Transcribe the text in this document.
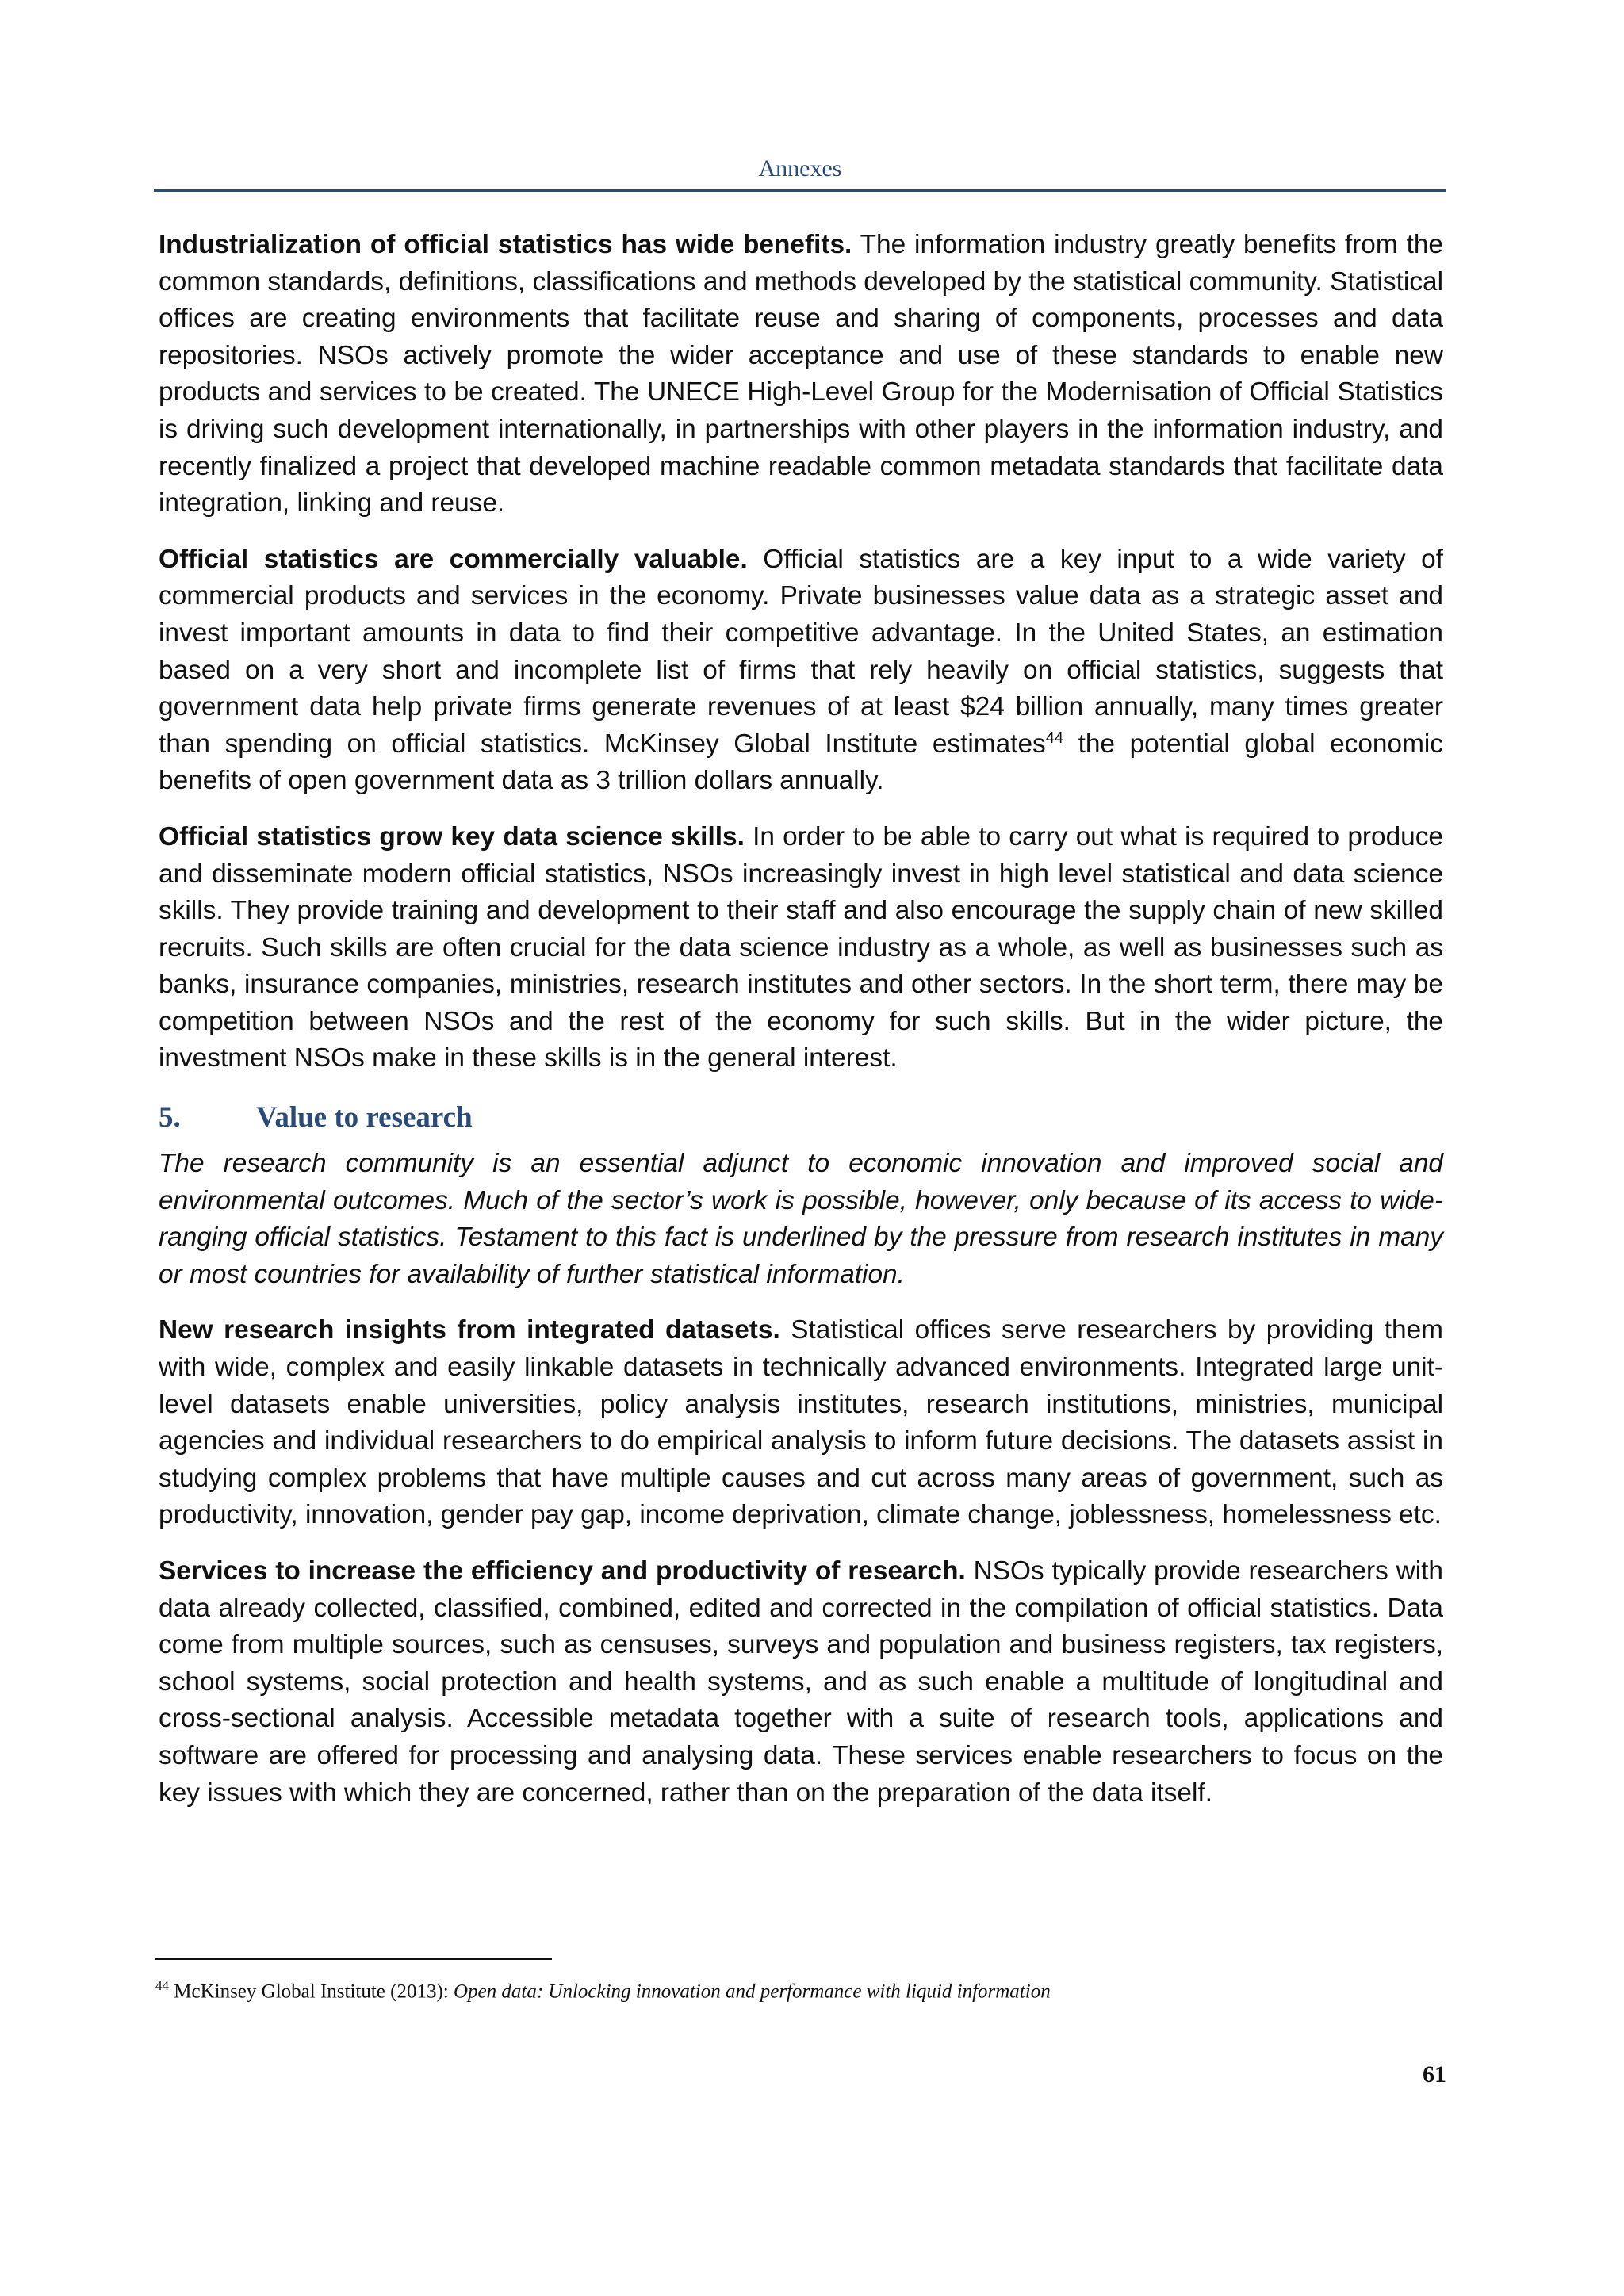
Annexes

Industrialization of official statistics has wide benefits. The information industry greatly benefits from the common standards, definitions, classifications and methods developed by the statistical community. Statistical offices are creating environments that facilitate reuse and sharing of components, processes and data repositories. NSOs actively promote the wider acceptance and use of these standards to enable new products and services to be created. The UNECE High-Level Group for the Modernisation of Official Statistics is driving such development internationally, in partnerships with other players in the information industry, and recently finalized a project that developed machine readable common metadata standards that facilitate data integration, linking and reuse.

Official statistics are commercially valuable. Official statistics are a key input to a wide variety of commercial products and services in the economy. Private businesses value data as a strategic asset and invest important amounts in data to find their competitive advantage. In the United States, an estimation based on a very short and incomplete list of firms that rely heavily on official statistics, suggests that government data help private firms generate revenues of at least $24 billion annually, many times greater than spending on official statistics. McKinsey Global Institute estimates$^{44}$ the potential global economic benefits of open government data as 3 trillion dollars annually.

Official statistics grow key data science skills. In order to be able to carry out what is required to produce and disseminate modern official statistics, NSOs increasingly invest in high level statistical and data science skills. They provide training and development to their staff and also encourage the supply chain of new skilled recruits. Such skills are often crucial for the data science industry as a whole, as well as businesses such as banks, insurance companies, ministries, research institutes and other sectors. In the short term, there may be competition between NSOs and the rest of the economy for such skills. But in the wider picture, the investment NSOs make in these skills is in the general interest.

5.	Value to research

The research community is an essential adjunct to economic innovation and improved social and environmental outcomes. Much of the sector’s work is possible, however, only because of its access to wide-ranging official statistics. Testament to this fact is underlined by the pressure from research institutes in many or most countries for availability of further statistical information.

New research insights from integrated datasets. Statistical offices serve researchers by providing them with wide, complex and easily linkable datasets in technically advanced environments. Integrated large unit-level datasets enable universities, policy analysis institutes, research institutions, ministries, municipal agencies and individual researchers to do empirical analysis to inform future decisions. The datasets assist in studying complex problems that have multiple causes and cut across many areas of government, such as productivity, innovation, gender pay gap, income deprivation, climate change, joblessness, homelessness etc.

Services to increase the efficiency and productivity of research. NSOs typically provide researchers with data already collected, classified, combined, edited and corrected in the compilation of official statistics. Data come from multiple sources, such as censuses, surveys and population and business registers, tax registers, school systems, social protection and health systems, and as such enable a multitude of longitudinal and cross-sectional analysis. Accessible metadata together with a suite of research tools, applications and software are offered for processing and analysing data. These services enable researchers to focus on the key issues with which they are concerned, rather than on the preparation of the data itself.

$^{44}$ McKinsey Global Institute (2013): Open data: Unlocking innovation and performance with liquid information
61
